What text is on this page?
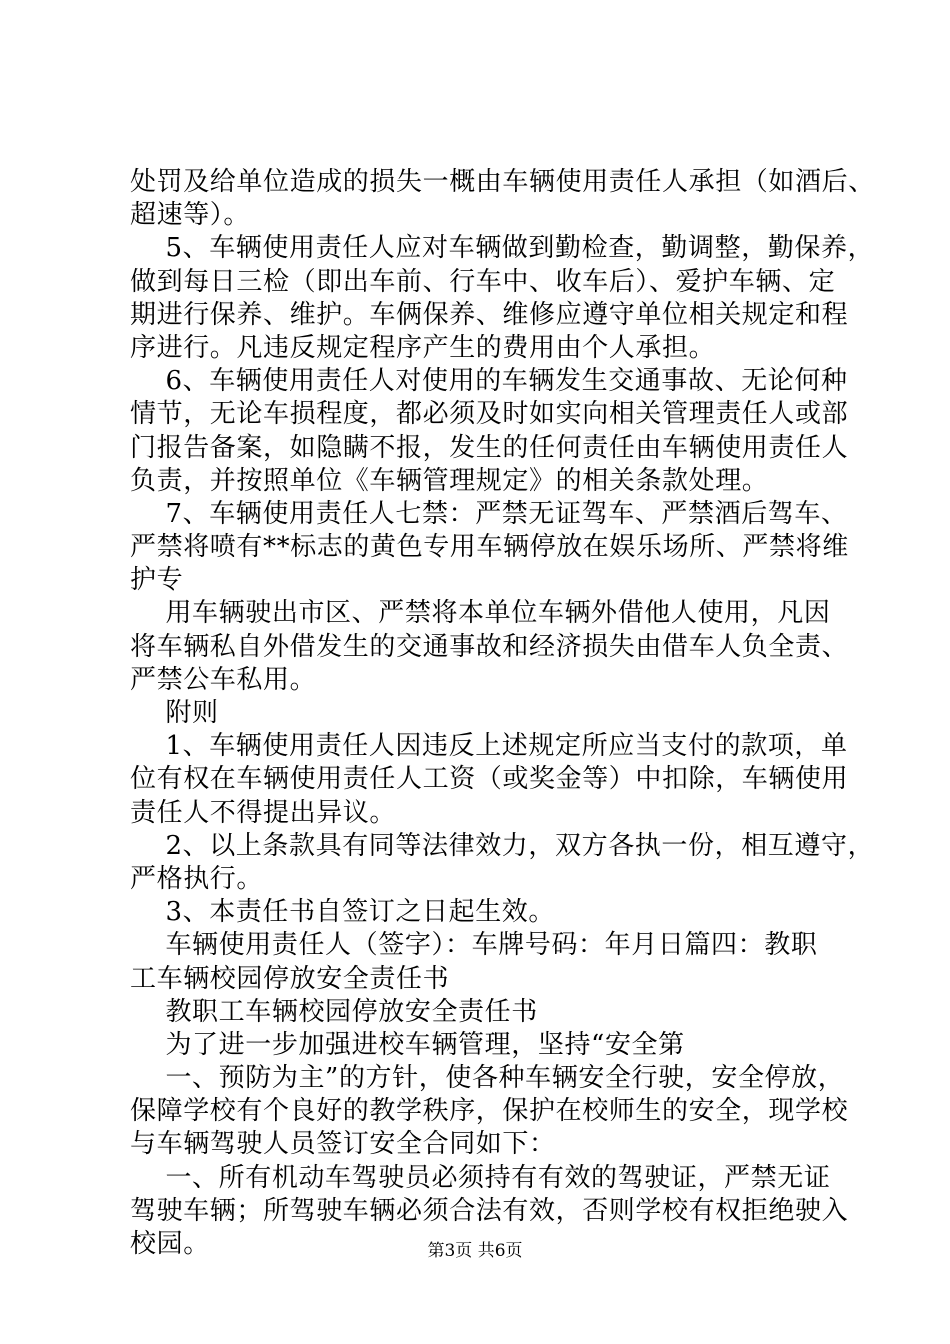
处罚及给单位造成的损失一概由车辆使用责任人承担（如酒后、
超速等）。
5、车辆使用责任人应对车辆做到勤检查，勤调整，勤保养，
做到每日三检（即出车前、行车中、收车后）、爱护车辆、定
期进行保养、维护。车俩保养、维修应遵守单位相关规定和程
序进行。凡违反规定程序产生的费用由个人承担。
6、车辆使用责任人对使用的车辆发生交通事故、无论何种
情节，无论车损程度，都必须及时如实向相关管理责任人或部
门报告备案，如隐瞒不报，发生的任何责任由车辆使用责任人
负责，并按照单位《车辆管理规定》的相关条款处理。
7、车辆使用责任人七禁：严禁无证驾车、严禁酒后驾车、
严禁将喷有**标志的黄色专用车辆停放在娱乐场所、严禁将维
护专
用车辆驶出市区、严禁将本单位车辆外借他人使用，凡因
将车辆私自外借发生的交通事故和经济损失由借车人负全责、
严禁公车私用。
附则
1、车辆使用责任人因违反上述规定所应当支付的款项，单
位有权在车辆使用责任人工资（或奖金等）中扣除，车辆使用
责任人不得提出异议。
2、以上条款具有同等法律效力，双方各执一份，相互遵守，
严格执行。
3、本责任书自签订之日起生效。
车辆使用责任人（签字）：车牌号码：年月日篇四：教职
工车辆校园停放安全责任书
教职工车辆校园停放安全责任书
为了进一步加强进校车辆管理，坚持“安全第
一、预防为主”的方针，使各种车辆安全行驶，安全停放，
保障学校有个良好的教学秩序，保护在校师生的安全，现学校
与车辆驾驶人员签订安全合同如下：
一、所有机动车驾驶员必须持有有效的驾驶证，严禁无证
驾驶车辆；所驾驶车辆必须合法有效，否则学校有权拒绝驶入
校园。	第3页 共6页
